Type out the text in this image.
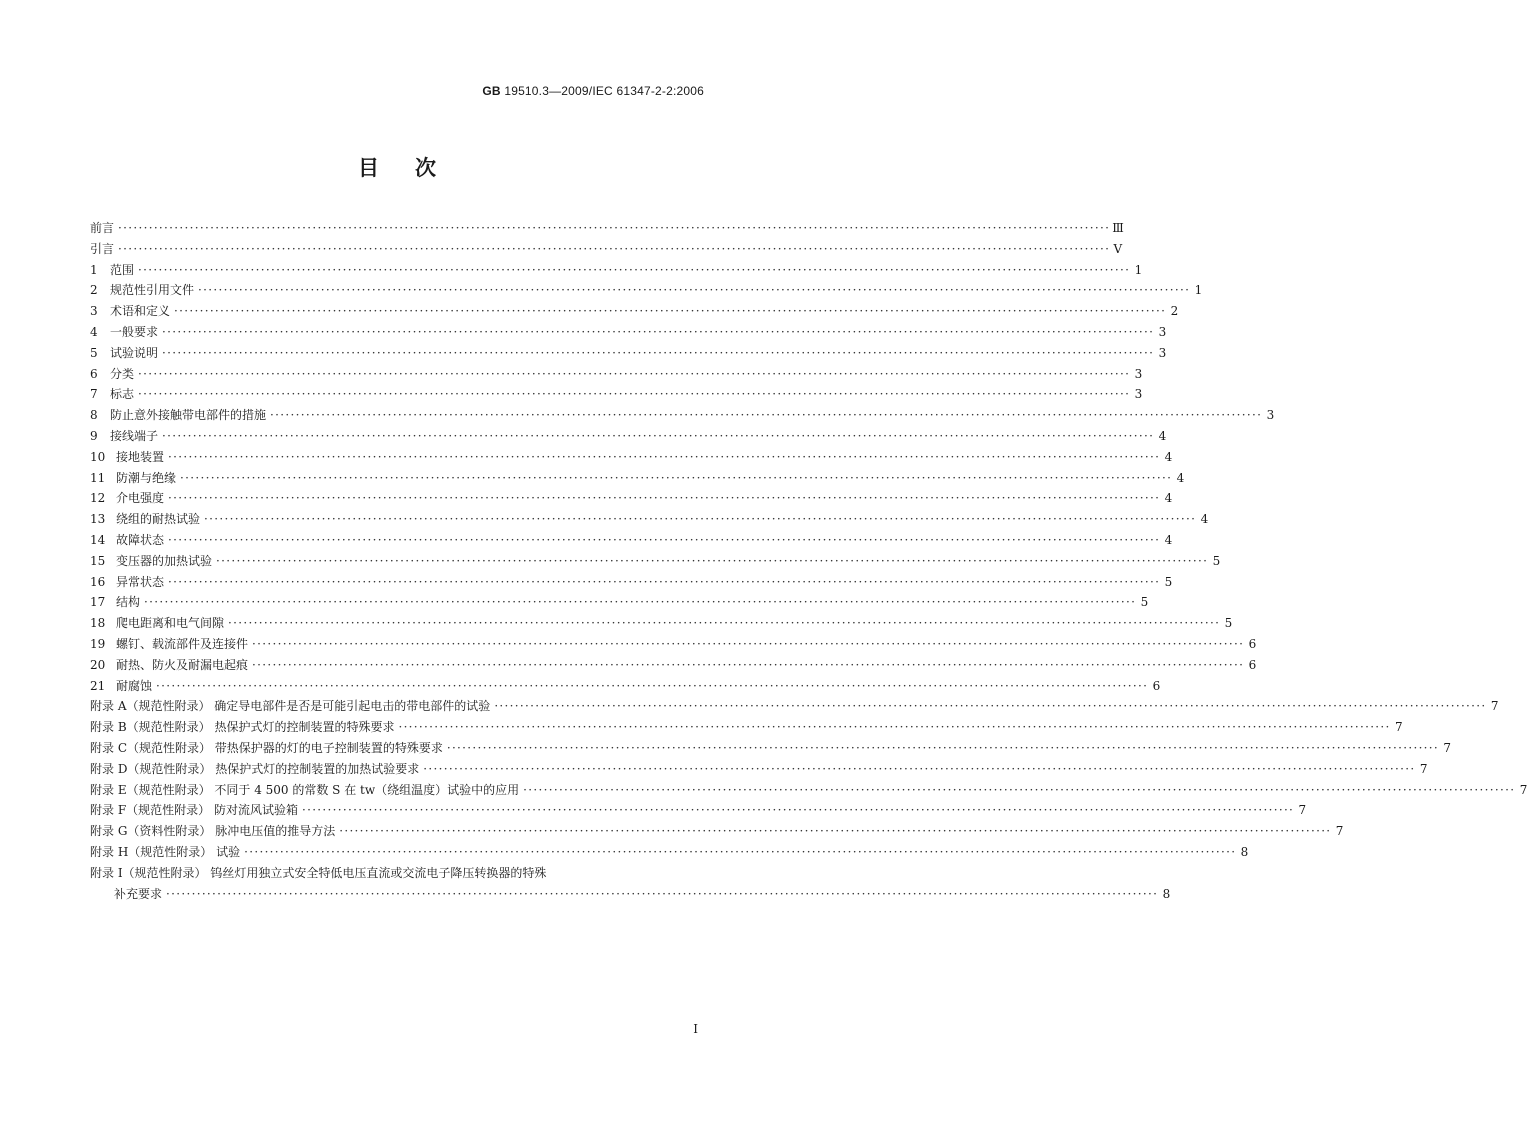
GB 19510.3—2009/IEC 61347-2-2:2006
目次
前言 ·····	Ⅲ
引言 ·····	Ⅴ
1	范围 ·····	1
2	规范性引用文件 ·····	1
3	术语和定义 ·····	2
4	一般要求 ·····	3
5	试验说明 ·····	3
6	分类 ·····	3
7	标志 ·····	3
8	防止意外接触带电部件的措施 ·····	3
9	接线端子 ·····	4
10 接地装置 ·····	4
11 防潮与绝缘 ·····	4
12 介电强度 ·····	4
13 绕组的耐热试验 ·····	4
14 故障状态 ·····	4
15 变压器的加热试验 ·····	5
16 异常状态 ·····	5
17 结构 ·····	5
18 爬电距离和电气间隙 ·····	5
19 螺钉、载流部件及连接件 ·····	6
20 耐热、防火及耐漏电起痕 ·····	6
21 耐腐蚀 ·····	6
附录 A（规范性附录） 确定导电部件是否是可能引起电击的带电部件的试验 ·····	7
附录 B（规范性附录） 热保护式灯的控制装置的特殊要求 ·····	7
附录 C（规范性附录） 带热保护器的灯的电子控制装置的特殊要求 ·····	7
附录 D（规范性附录） 热保护式灯的控制装置的加热试验要求 ·····	7
附录 E（规范性附录） 不同于 4 500 的常数 S 在 tw（绕组温度）试验中的应用 ·····	7
附录 F（规范性附录） 防对流风试验箱 ·····	7
附录 G（资料性附录） 脉冲电压值的推导方法 ·····	7
附录 H（规范性附录） 试验 ·····	8
附录 I（规范性附录） 钨丝灯用独立式安全特低电压直流或交流电子降压转换器的特殊
补充要求 ·····	8
I
